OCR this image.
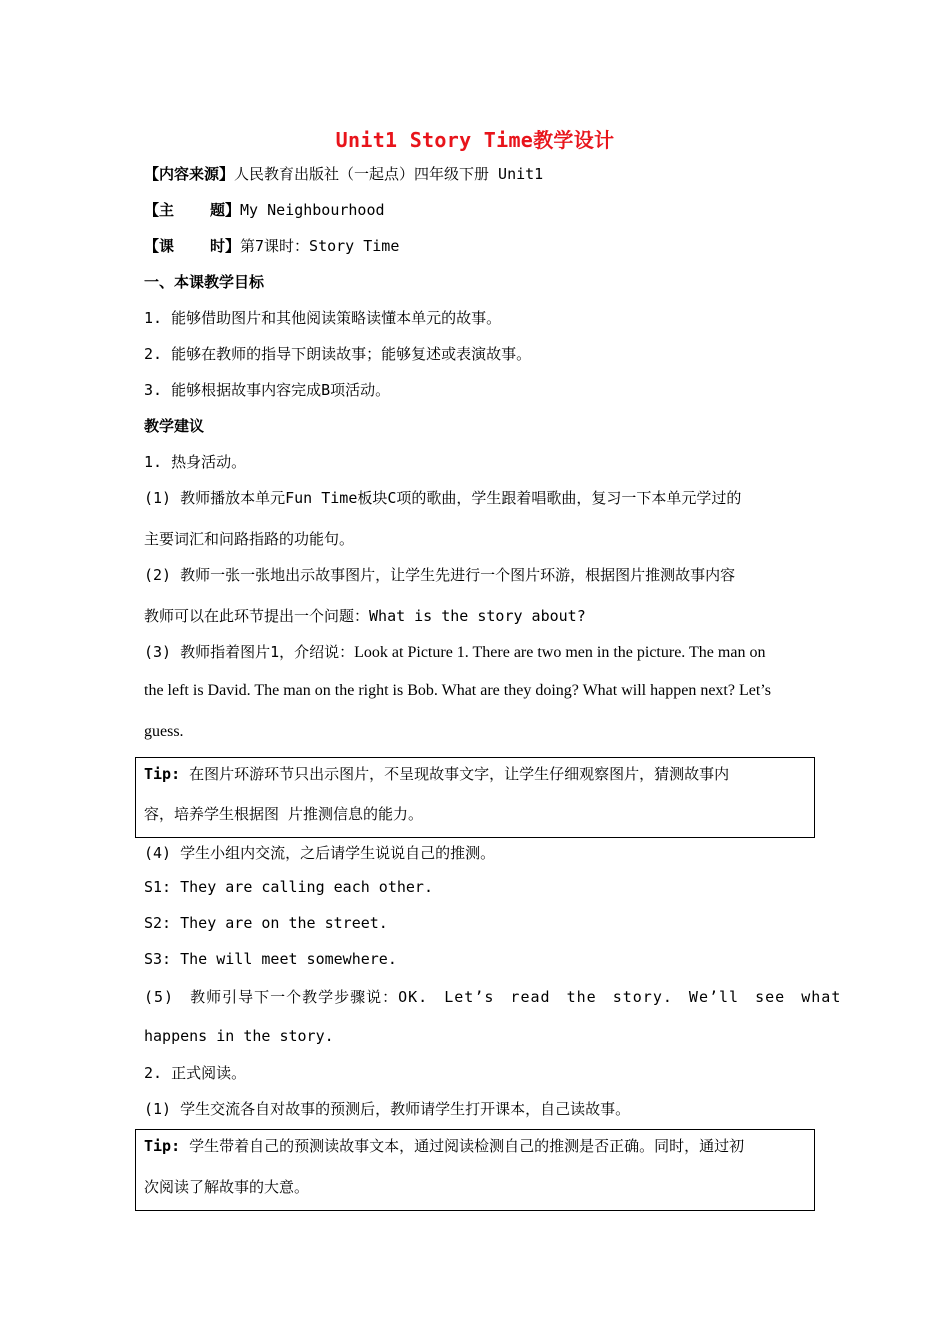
Unit1 Story Time教学设计
【内容来源】人民教育出版社（一起点）四年级下册 Unit1
【主 题】My Neighbourhood
【课 时】第7课时：Story Time
一、本课教学目标
1. 能够借助图片和其他阅读策略读懂本单元的故事。
2. 能够在教师的指导下朗读故事；能够复述或表演故事。
3. 能够根据故事内容完成B项活动。
教学建议
1. 热身活动。
(1) 教师播放本单元Fun Time板块C项的歌曲，学生跟着唱歌曲，复习一下本单元学过的
主要词汇和问路指路的功能句。
(2) 教师一张一张地出示故事图片，让学生先进行一个图片环游，根据图片推测故事内容
教师可以在此环节提出一个问题：What is the story about?
(3) 教师指着图片1，介绍说：Look at Picture 1. There are two men in the picture. The man on
the left is David. The man on the right is Bob. What are they doing? What will happen next? Let’s
guess.
Tip: 在图片环游环节只出示图片，不呈现故事文字，让学生仔细观察图片，猜测故事内
容，培养学生根据图 片推测信息的能力。
(4) 学生小组内交流，之后请学生说说自己的推测。
S1: They are calling each other.
S2: They are on the street.
S3: The will meet somewhere.
(5) 教师引导下一个教学步骤说：OK. Let’s read the story. We’ll see what
happens in the story.
2. 正式阅读。
(1) 学生交流各自对故事的预测后，教师请学生打开课本，自己读故事。
Tip: 学生带着自己的预测读故事文本，通过阅读检测自己的推测是否正确。同时，通过初
次阅读了解故事的大意。
